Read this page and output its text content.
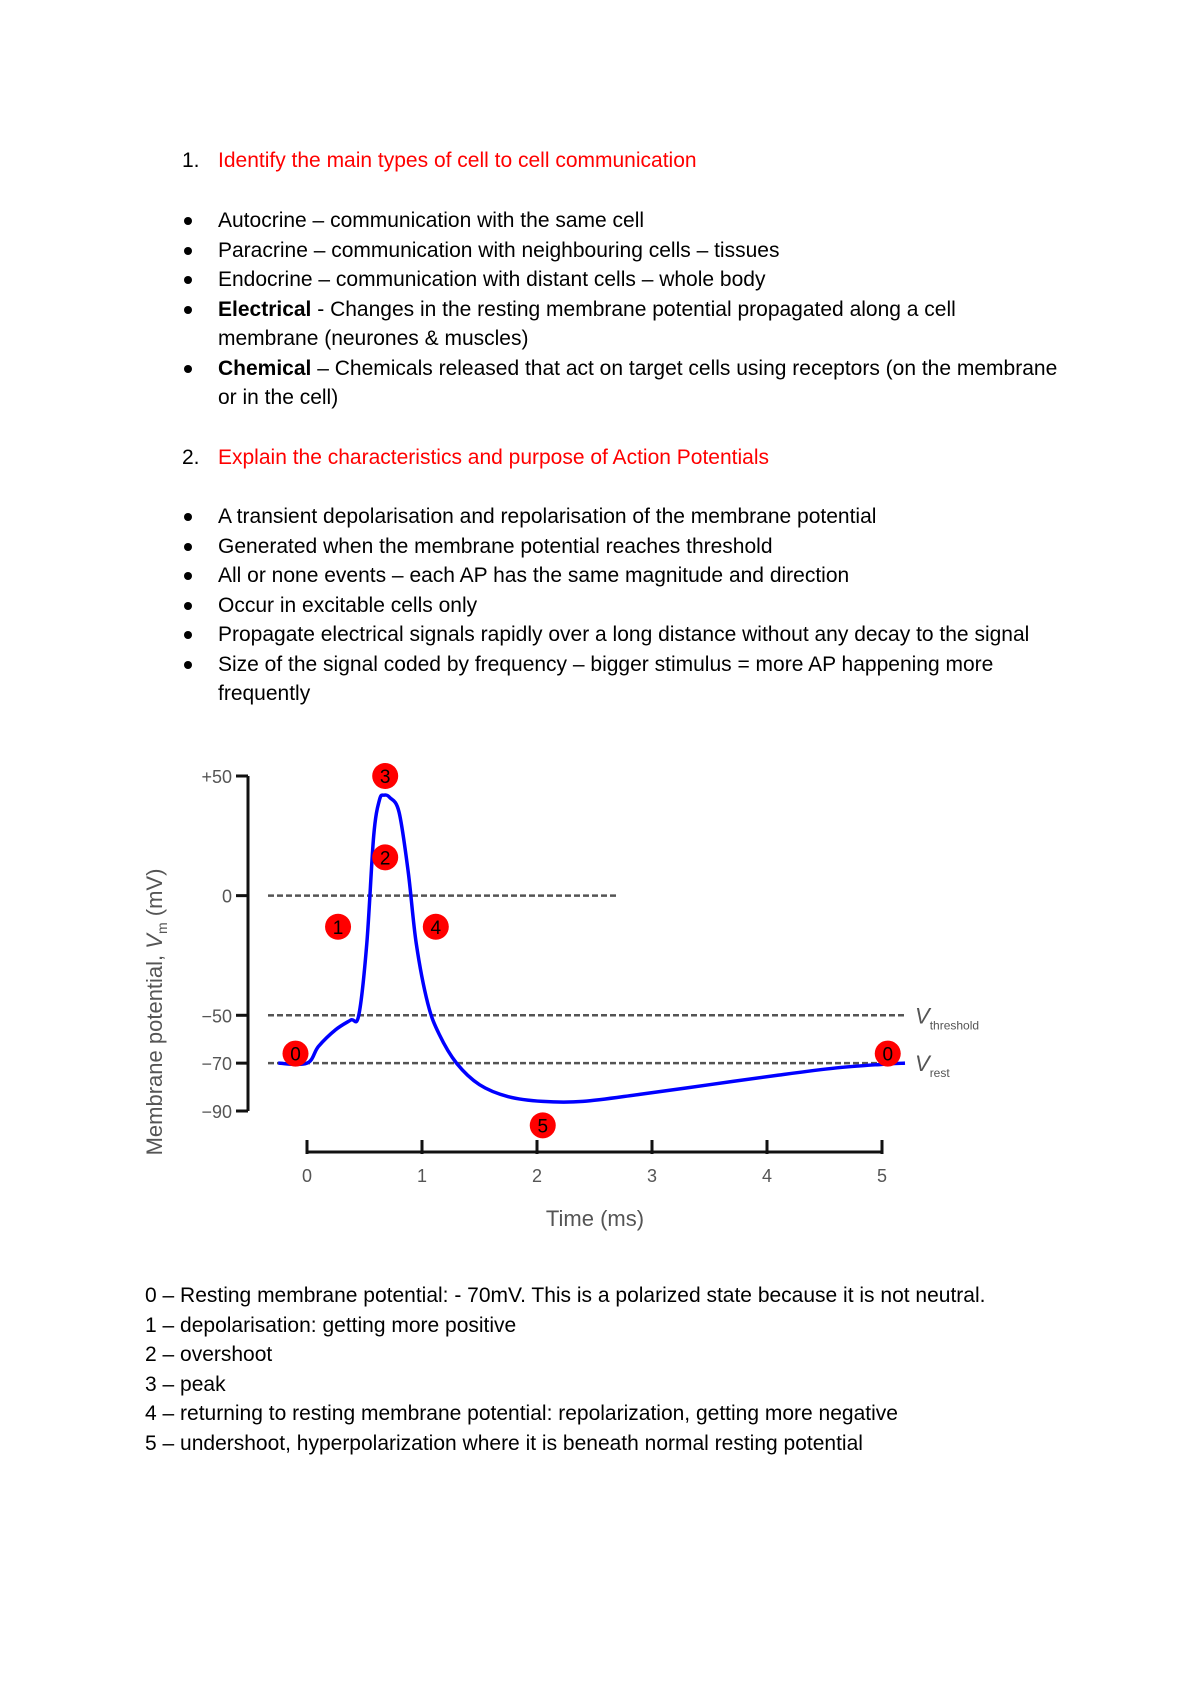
1. Identify the main types of cell to cell communication
Autocrine – communication with the same cell
Paracrine – communication with neighbouring cells – tissues
Endocrine – communication with distant cells – whole body
Electrical - Changes in the resting membrane potential propagated along a cell membrane (neurones & muscles)
Chemical – Chemicals released that act on target cells using receptors (on the membrane or in the cell)
2. Explain the characteristics and purpose of Action Potentials
A transient depolarisation and repolarisation of the membrane potential
Generated when the membrane potential reaches threshold
All or none events – each AP has the same magnitude and direction
Occur in excitable cells only
Propagate electrical signals rapidly over a long distance without any decay to the signal
Size of the signal coded by frequency – bigger stimulus = more AP happening more frequently
$V_{threshold}$
$V_{rest}$
+50
0
−50
−70
−90
0	1	2	3	4	5
0
1
2
3
4
5
0
Membrane potential, $V_m$ (mV)
Time (ms)
0 – Resting membrane potential: - 70mV. This is a polarized state because it is not neutral.
1 – depolarisation: getting more positive
2 – overshoot
3 – peak
4 – returning to resting membrane potential: repolarization, getting more negative
5 – undershoot, hyperpolarization where it is beneath normal resting potential
